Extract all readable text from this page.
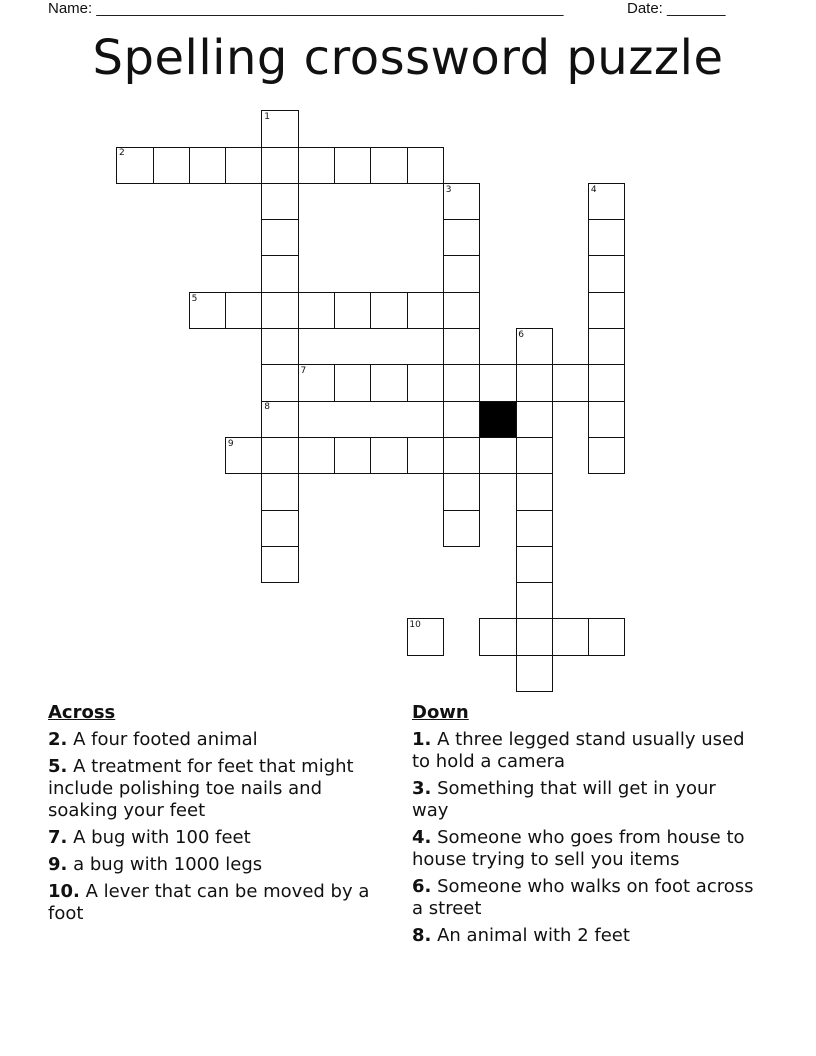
Name: ________________________________________________________	Date: _______
Spelling crossword puzzle
1
8
2
3	4
5
6
7
9
10
Across
2. A four footed animal
5. A treatment for feet that might include polishing toe nails and soaking your feet
7. A bug with 100 feet
9. a bug with 1000 legs
10. A lever that can be moved by a foot
Down
1. A three legged stand usually used to hold a camera
3. Something that will get in your way
4. Someone who goes from house to house trying to sell you items
6. Someone who walks on foot across a street
8. An animal with 2 feet
